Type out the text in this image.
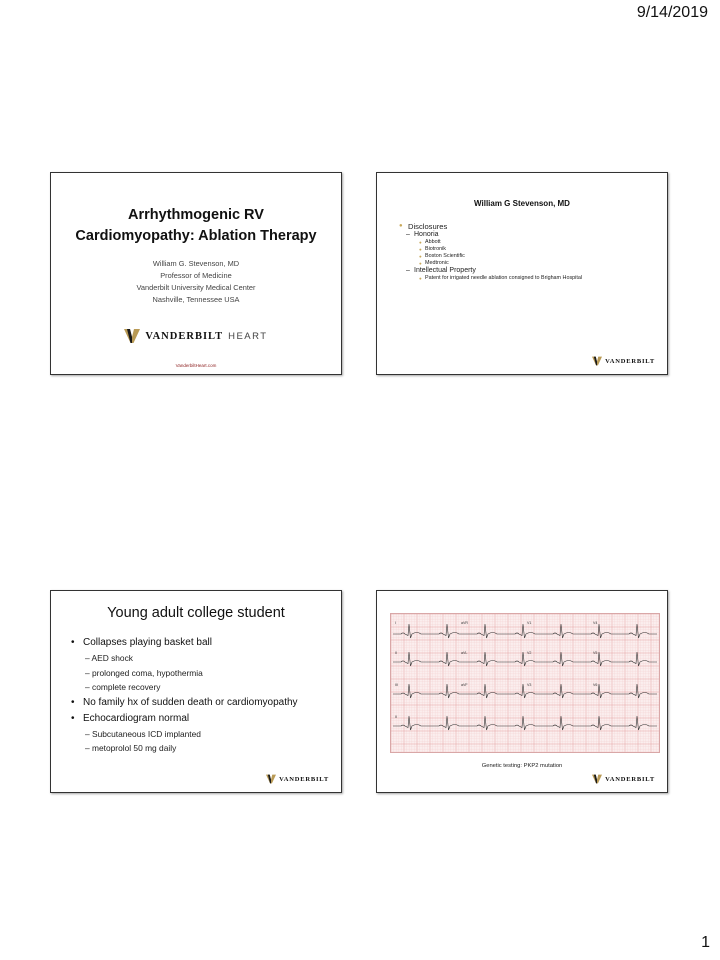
9/14/2019
Arrhythmogenic RV
Cardiomyopathy: Ablation Therapy
William G. Stevenson, MD
Professor of Medicine
Vanderbilt University Medical Center
Nashville, Tennessee USA
VANDERBILT HEART
VanderbiltHeart.com
William G Stevenson, MD
● Disclosures
– Honoria
● Abbott
● Biotronik
● Boston Scientific
● Medtronic
– Intellectual Property
● Patent for irrigated needle ablation consigned to Brigham Hospital
VANDERBILT
Young adult college student
• Collapses playing basket ball
– AED shock
– prolonged coma, hypothermia
– complete recovery
• No family hx of sudden death or cardiomyopathy
• Echocardiogram normal
– Subcutaneous ICD implanted
– metoprolol 50 mg daily
VANDERBILT
I	aVR	V1	V4
II	aVL	V2	V5
III	aVF	V3	V6
II
Genetic testing: PKP2 mutation
VANDERBILT
1
